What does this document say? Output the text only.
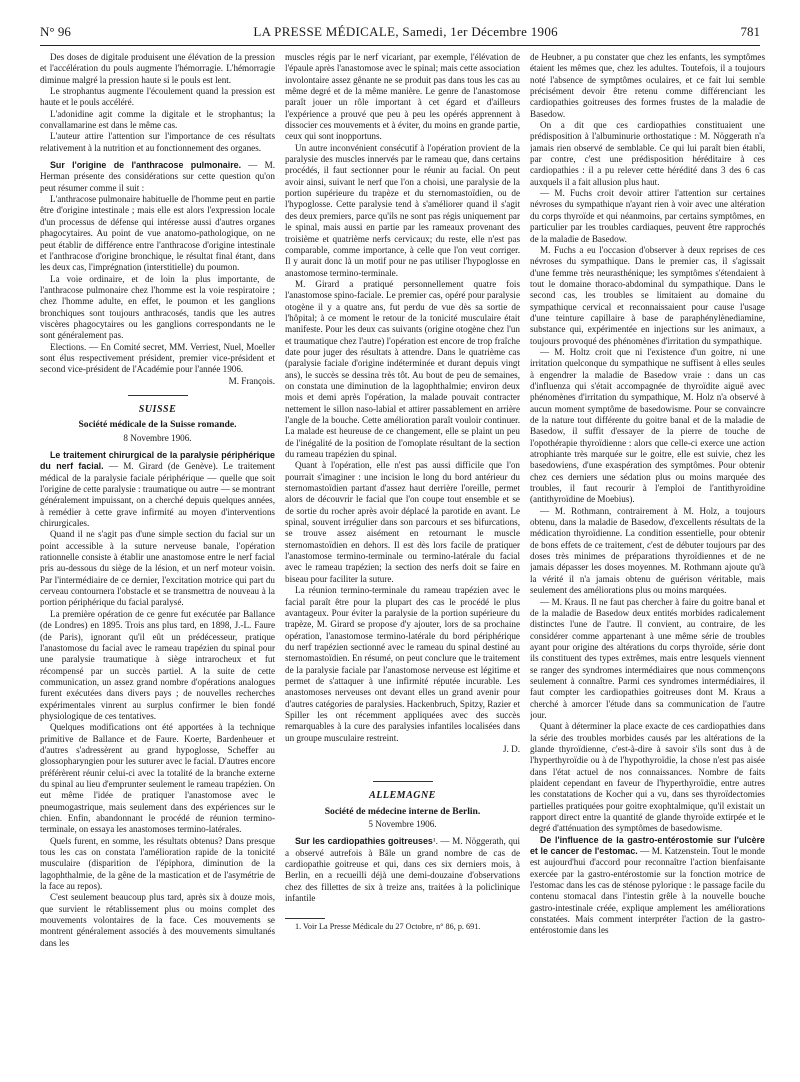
N° 96	LA PRESSE MÉDICALE, Samedi, 1er Décembre 1906	781

Des doses de digitale produisent une élévation de la pression et l'accélération du pouls augmente l'hémorragie. L'hémorragie diminue malgré la pression haute si le pouls est lent.

Le strophantus augmente l'écoulement quand la pression est haute et le pouls accéléré.

L'adonidine agit comme la digitale et le strophantus; la convallamarine est dans le même cas.

L'auteur attire l'attention sur l'importance de ces résultats relativement à la nutrition et au fonctionnement des organes.

Sur l'origine de l'anthracose pulmonaire. — M. Herman présente des considérations sur cette question qu'on peut résumer comme il suit :

L'anthracose pulmonaire habituelle de l'homme peut en partie être d'origine intestinale ; mais elle est alors l'expression locale d'un processus de défense qui intéresse aussi d'autres organes phagocytaires. Au point de vue anatomo-pathologique, on ne peut établir de différence entre l'anthracose d'origine intestinale et l'anthracose d'origine bronchique, le résultat final étant, dans les deux cas, l'imprégnation (interstitielle) du poumon.

La voie ordinaire, et de loin la plus importante, de l'anthracose pulmonaire chez l'homme est la voie respiratoire ; chez l'homme adulte, en effet, le poumon et les ganglions bronchiques sont toujours anthracosés, tandis que les autres viscères phagocytaires ou les ganglions correspondants ne le sont généralement pas.

Elections. — En Comité secret, MM. Verriest, Nuel, Moeller sont élus respectivement président, premier vice-président et second vice-président de l'Académie pour l'année 1906.

M. François.

SUISSE

Société médicale de la Suisse romande.

8 Novembre 1906.

Le traitement chirurgical de la paralysie périphérique du nerf facial. — M. Girard (de Genève). Le traitement médical de la paralysie faciale périphérique — quelle que soit l'origine de cette paralysie : traumatique ou autre — se montrant généralement impuissant, on a cherché depuis quelques années, à remédier à cette grave infirmité au moyen d'interventions chirurgicales.

Quand il ne s'agit pas d'une simple section du facial sur un point accessible à la suture nerveuse banale, l'opération rationnelle consiste à établir une anastomose entre le nerf facial pris au-dessous du siège de la lésion, et un nerf moteur voisin. Par l'intermédiaire de ce dernier, l'excitation motrice qui part du cerveau contournera l'obstacle et se transmettra de nouveau à la portion périphérique du facial paralysé.

La première opération de ce genre fut exécutée par Ballance (de Londres) en 1895. Trois ans plus tard, en 1898, J.-L. Faure (de Paris), ignorant qu'il eût un prédécesseur, pratique l'anastomose du facial avec le rameau trapézien du spinal pour une paralysie traumatique à siège intrarocheux et fut récompensé par un succès partiel. A la suite de cette communication, un assez grand nombre d'opérations analogues furent exécutées dans divers pays ; de nouvelles recherches expérimentales vinrent au surplus confirmer le bien fondé physiologique de ces tentatives.

Quelques modifications ont été apportées à la technique primitive de Ballance et de Faure. Koerte, Bardenheuer et d'autres s'adressèrent au grand hypoglosse, Scheffer au glossopharyngien pour les suturer avec le facial. D'autres encore préférèrent réunir celui-ci avec la totalité de la branche externe du spinal au lieu d'emprunter seulement le rameau trapézien. On eut même l'idée de pratiquer l'anastomose avec le pneumogastrique, mais seulement dans des expériences sur le chien. Enfin, abandonnant le procédé de réunion termino-terminale, on essaya les anastomoses termino-latérales.

Quels furent, en somme, les résultats obtenus? Dans presque tous les cas on constata l'amélioration rapide de la tonicité musculaire (disparition de l'épiphora, diminution de la lagophthalmie, de la gêne de la mastication et de l'asymétrie de la face au repos).

C'est seulement beaucoup plus tard, après six à douze mois, que survient le rétablissement plus ou moins complet des mouvements volontaires de la face. Ces mouvements se montrent généralement associés à des mouvements simultanés dans les

muscles régis par le nerf vicariant, par exemple, l'élévation de l'épaule après l'anastomose avec le spinal; mais cette association involontaire assez gênante ne se produit pas dans tous les cas au même degré et de la même manière. Le genre de l'anastomose paraît jouer un rôle important à cet égard et d'ailleurs l'expérience a prouvé que peu à peu les opérés apprennent à dissocier ces mouvements et à éviter, du moins en grande partie, ceux qui sont inopportuns.

Un autre inconvénient consécutif à l'opération provient de la paralysie des muscles innervés par le rameau que, dans certains procédés, il faut sectionner pour le réunir au facial. On peut avoir ainsi, suivant le nerf que l'on a choisi, une paralysie de la portion supérieure du trapèze et du sternomastoïdien, ou de l'hypoglosse. Cette paralysie tend à s'améliorer quand il s'agit des deux premiers, parce qu'ils ne sont pas régis uniquement par le spinal, mais aussi en partie par les rameaux provenant des troisième et quatrième nerfs cervicaux; du reste, elle n'est pas comparable, comme importance, à celle que l'on veut corriger. Il y aurait donc là un motif pour ne pas utiliser l'hypoglosse en anastomose termino-terminale.

M. Girard a pratiqué personnellement quatre fois l'anastomose spino-faciale. Le premier cas, opéré pour paralysie otogène il y a quatre ans, fut perdu de vue dès sa sortie de l'hôpital; à ce moment le retour de la tonicité musculaire était manifeste. Pour les deux cas suivants (origine otogène chez l'un et traumatique chez l'autre) l'opération est encore de trop fraîche date pour juger des résultats à attendre. Dans le quatrième cas (paralysie faciale d'origine indéterminée et durant depuis vingt ans), le succès se dessina très tôt. Au bout de peu de semaines, on constata une diminution de la lagophthalmie; environ deux mois et demi après l'opération, la malade pouvait contracter nettement le sillon naso-labial et attirer passablement en arrière l'angle de la bouche. Cette amélioration paraît vouloir continuer. La malade est heureuse de ce changement, elle se plaint un peu de l'inégalité de la position de l'omoplate résultant de la section du rameau trapézien du spinal.

Quant à l'opération, elle n'est pas aussi difficile que l'on pourrait s'imaginer : une incision le long du bord antérieur du sternomastoïdien partant d'assez haut derrière l'oreille, permet alors de découvrir le facial que l'on coupe tout ensemble et se de sortie du rocher après avoir déplacé la parotide en avant. Le spinal, souvent irrégulier dans son parcours et ses bifurcations, se trouve assez aisément en retournant le muscle sternomastoïdien en dehors. Il est dès lors facile de pratiquer l'anastomose termino-terminale ou termino-latérale du facial avec le rameau trapézien; la section des nerfs doit se faire en biseau pour faciliter la suture.

La réunion termino-terminale du rameau trapézien avec le facial paraît être pour la plupart des cas le procédé le plus avantageux. Pour éviter la paralysie de la portion supérieure du trapèze, M. Girard se propose d'y ajouter, lors de sa prochaine opération, l'anastomose termino-latérale du bord périphérique du nerf trapézien sectionné avec le rameau du spinal destiné au sternomastoïdien. En résumé, on peut conclure que le traitement de la paralysie faciale par l'anastomose nerveuse est légitime et permet de s'attaquer à une infirmité réputée incurable. Les anastomoses nerveuses ont devant elles un grand avenir pour d'autres catégories de paralysies. Hackenbruch, Spitzy, Razier et Spiller les ont récemment appliquées avec des succès remarquables à la cure des paralysies infantiles localisées dans un groupe musculaire restreint.

J. D.

ALLEMAGNE

Société de médecine interne de Berlin.

5 Novembre 1906.

Sur les cardiopathies goitreuses¹. — M. Nöggerath, qui a observé autrefois à Bâle un grand nombre de cas de cardiopathie goitreuse et qui, dans ces six derniers mois, à Berlin, en a recueilli déjà une demi-douzaine d'observations chez des fillettes de six à treize ans, traitées à la policlinique infantile

1. Voir La Presse Médicale du 27 Octobre, n° 86, p. 691.

de Heubner, a pu constater que chez les enfants, les symptômes étaient les mêmes que, chez les adultes. Toutefois, il a toujours noté l'absence de symptômes oculaires, et ce fait lui semble précisément devoir être retenu comme différenciant les cardiopathies goitreuses des formes frustes de la maladie de Basedow.

On a dit que ces cardiopathies constituaient une prédisposition à l'albuminurie orthostatique : M. Nöggerath n'a jamais rien observé de semblable. Ce qui lui paraît bien établi, par contre, c'est une prédisposition héréditaire à ces cardiopathies : il a pu relever cette hérédité dans 3 des 6 cas auxquels il a fait allusion plus haut.

— M. Fuchs croit devoir attirer l'attention sur certaines névroses du sympathique n'ayant rien à voir avec une altération du corps thyroïde et qui néanmoins, par certains symptômes, en particulier par les troubles cardiaques, peuvent être rapprochés de la maladie de Basedow.

M. Fuchs a eu l'occasion d'observer à deux reprises de ces névroses du sympathique. Dans le premier cas, il s'agissait d'une femme très neurasthénique; les symptômes s'étendaient à tout le domaine thoraco-abdominal du sympathique. Dans le second cas, les troubles se limitaient au domaine du sympathique cervical et reconnaissaient pour cause l'usage d'une teinture capillaire à base de paraphénylènediamine, substance qui, expérimentée en injections sur les animaux, a toujours provoqué des phénomènes d'irritation du sympathique.

— M. Holtz croit que ni l'existence d'un goitre, ni une irritation quelconque du sympathique ne suffisent à elles seules à engendrer la maladie de Basedow vraie : dans un cas d'influenza qui s'était accompagnée de thyroïdite aiguë avec phénomènes d'irritation du sympathique, M. Holz n'a observé à aucun moment symptôme de basedowisme. Pour se convaincre de la nature tout différente du goitre banal et de la maladie de Basedow, il suffit d'essayer de la pierre de touche de l'opothérapie thyroïdienne : alors que celle-ci exerce une action atrophiante très marquée sur le goitre, elle est suivie, chez les basedowiens, d'une exaspération des symptômes. Pour obtenir chez ces derniers une sédation plus ou moins marquée des troubles, il faut recourir à l'emploi de l'antithyroïdine (antithyroïdine de Moebius).

— M. Rothmann, contrairement à M. Holz, a toujours obtenu, dans la maladie de Basedow, d'excellents résultats de la médication thyroïdienne. La condition essentielle, pour obtenir de bons effets de ce traitement, c'est de débuter toujours par des doses très minimes de préparations thyroïdiennes et de ne jamais dépasser les doses moyennes. M. Rothmann ajoute qu'à la vérité il n'a jamais obtenu de guérison véritable, mais seulement des améliorations plus ou moins marquées.

— M. Kraus. Il ne faut pas chercher à faire du goitre banal et de la maladie de Basedow deux entités morbides radicalement distinctes l'une de l'autre. Il convient, au contraire, de les considérer comme appartenant à une même série de troubles ayant pour origine des altérations du corps thyroïde, série dont ils constituent des types extrêmes, mais entre lesquels viennent se ranger des syndromes intermédiaires que nous commençons seulement à connaître. Parmi ces syndromes intermédiaires, il faut compter les cardiopathies goitreuses dont M. Kraus a cherché à amorcer l'étude dans sa communication de l'autre jour.

Quant à déterminer la place exacte de ces cardiopathies dans la série des troubles morbides causés par les altérations de la glande thyroïdienne, c'est-à-dire à savoir s'ils sont dus à de l'hyperthyroïdie ou à de l'hypothyroïdie, la chose n'est pas aisée dans l'état actuel de nos connaissances. Nombre de faits plaident cependant en faveur de l'hyperthyroïdie, entre autres les constatations de Kocher qui a vu, dans ses thyroïdectomies partielles pratiquées pour goitre exophtalmique, qu'il existait un rapport direct entre la quantité de glande thyroïde extirpée et le degré d'atténuation des symptômes de basedowisme.

De l'influence de la gastro-entérostomie sur l'ulcère et le cancer de l'estomac. — M. Katzenstein. Tout le monde est aujourd'hui d'accord pour reconnaître l'action bienfaisante exercée par la gastro-entérostomie sur la fonction motrice de l'estomac dans les cas de sténose pylorique : le passage facile du contenu stomacal dans l'intestin grêle à la nouvelle bouche gastro-intestinale créée, explique amplement les améliorations constatées. Mais comment interpréter l'action de la gastro-entérostomie dans les
